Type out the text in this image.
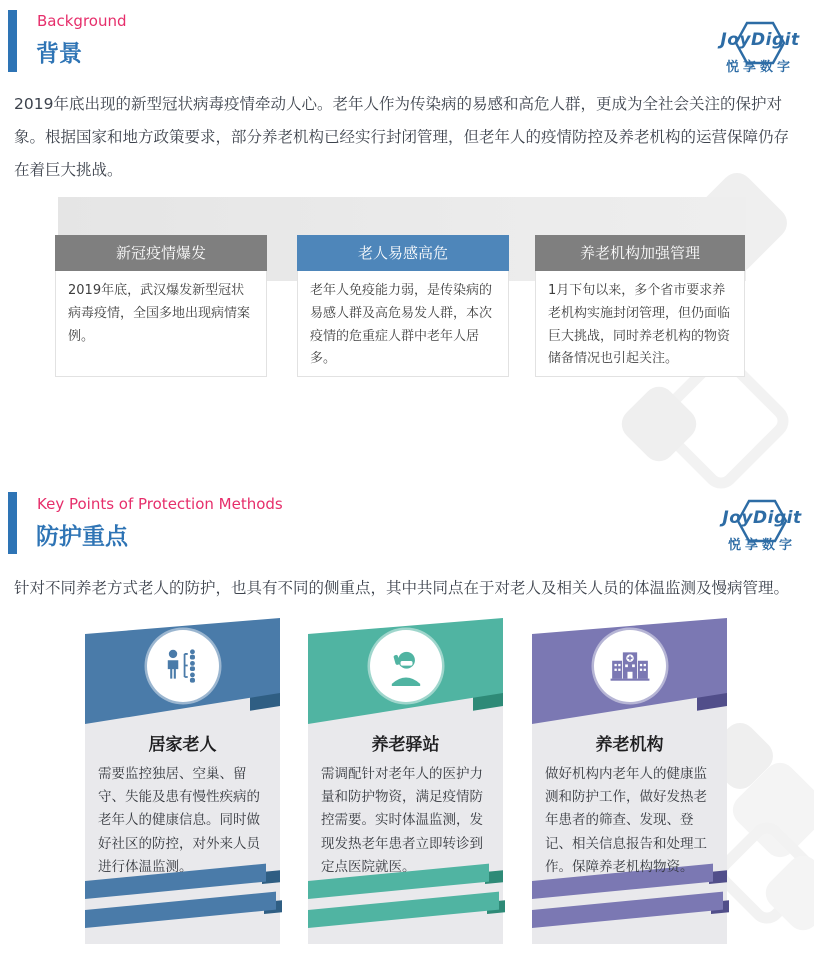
Background
背景
JoyDigit
悦享数字

2019年底出现的新型冠状病毒疫情牵动人心。老年人作为传染病的易感和高危人群，更成为全社会关注的保护对象。根据国家和地方政策要求，部分养老机构已经实行封闭管理，但老年人的疫情防控及养老机构的运营保障仍存在着巨大挑战。

新冠疫情爆发
2019年底，武汉爆发新型冠状病毒疫情，全国多地出现病情案例。
老人易感高危
老年人免疫能力弱，是传染病的易感人群及高危易发人群，本次疫情的危重症人群中老年人居多。
养老机构加强管理
1月下旬以来，多个省市要求养老机构实施封闭管理，但仍面临巨大挑战，同时养老机构的物资储备情况也引起关注。
Key Points of Protection Methods
防护重点
JoyDigit
悦享数字

针对不同养老方式老人的防护，也具有不同的侧重点，其中共同点在于对老人及相关人员的体温监测及慢病管理。

居家老人

需要监控独居、空巢、留守、失能及患有慢性疾病的老年人的健康信息。同时做好社区的防控，对外来人员进行体温监测。

养老驿站

需调配针对老年人的医护力量和防护物资，满足疫情防控需要。实时体温监测，发现发热老年患者立即转诊到定点医院就医。

养老机构

做好机构内老年人的健康监测和防护工作，做好发热老年患者的筛查、发现、登记、相关信息报告和处理工作。保障养老机构物资。
